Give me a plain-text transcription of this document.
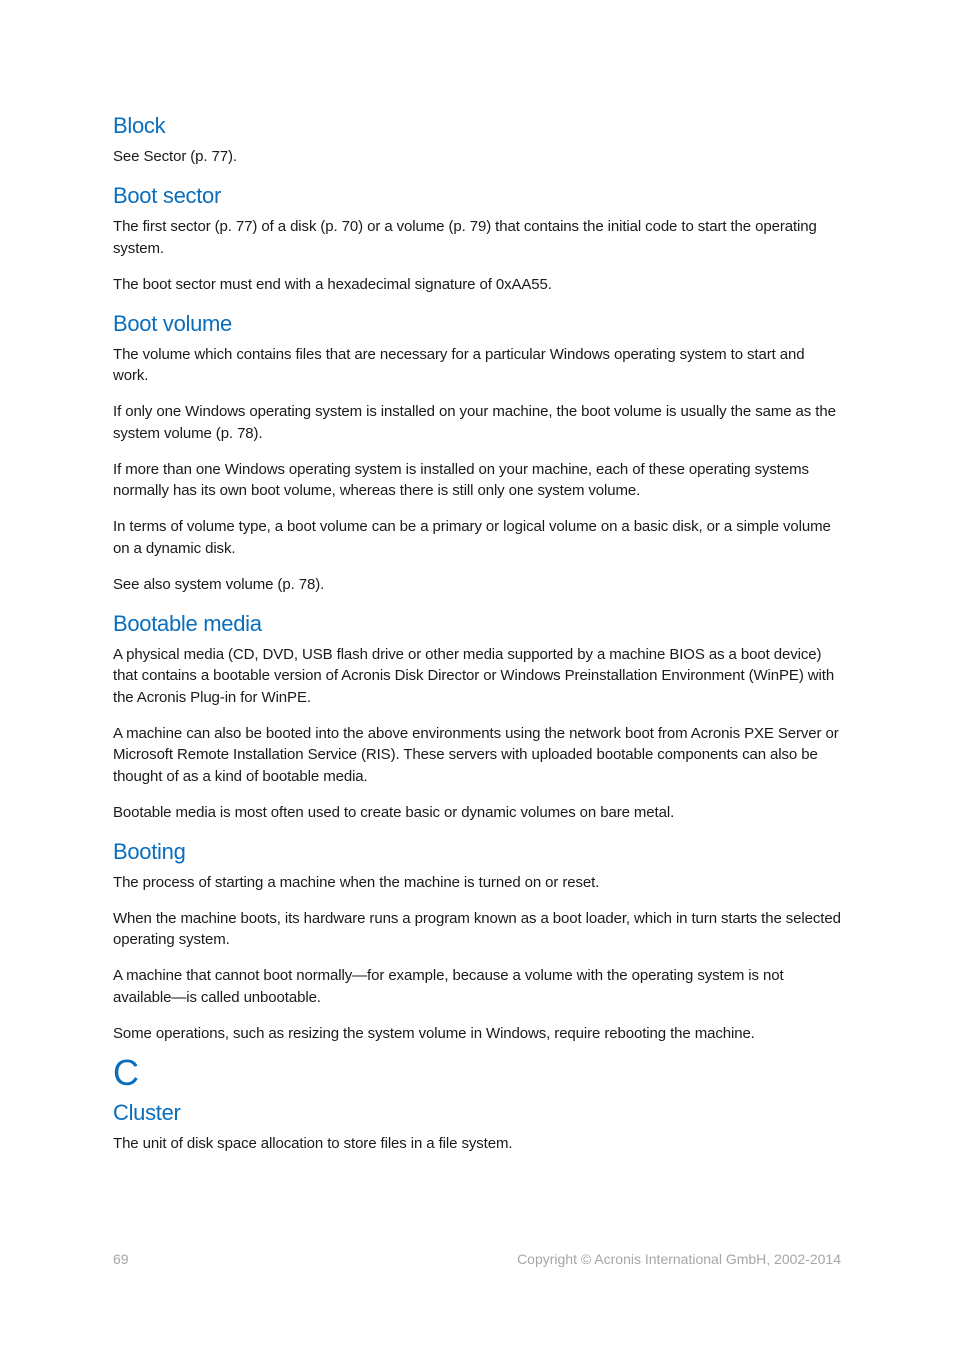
Block

See Sector (p. 77).

Boot sector

The first sector (p. 77) of a disk (p. 70) or a volume (p. 79) that contains the initial code to start the operating system.

The boot sector must end with a hexadecimal signature of 0xAA55.

Boot volume

The volume which contains files that are necessary for a particular Windows operating system to start and work.

If only one Windows operating system is installed on your machine, the boot volume is usually the same as the system volume (p. 78).

If more than one Windows operating system is installed on your machine, each of these operating systems normally has its own boot volume, whereas there is still only one system volume.

In terms of volume type, a boot volume can be a primary or logical volume on a basic disk, or a simple volume on a dynamic disk.

See also system volume (p. 78).

Bootable media

A physical media (CD, DVD, USB flash drive or other media supported by a machine BIOS as a boot device) that contains a bootable version of Acronis Disk Director or Windows Preinstallation Environment (WinPE) with the Acronis Plug-in for WinPE.

A machine can also be booted into the above environments using the network boot from Acronis PXE Server or Microsoft Remote Installation Service (RIS). These servers with uploaded bootable components can also be thought of as a kind of bootable media.

Bootable media is most often used to create basic or dynamic volumes on bare metal.

Booting

The process of starting a machine when the machine is turned on or reset.

When the machine boots, its hardware runs a program known as a boot loader, which in turn starts the selected operating system.

A machine that cannot boot normally—for example, because a volume with the operating system is not available—is called unbootable.

Some operations, such as resizing the system volume in Windows, require rebooting the machine.

C
Cluster

The unit of disk space allocation to store files in a file system.

69	Copyright © Acronis International GmbH, 2002-2014
